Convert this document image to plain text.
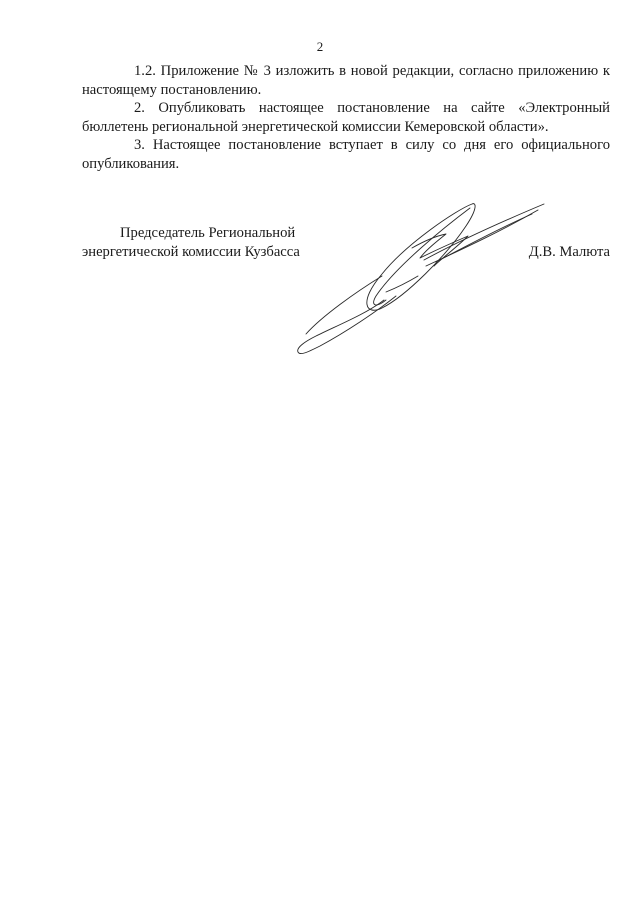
2

1.2. Приложение № 3 изложить в новой редакции, согласно приложению к настоящему постановлению.

2. Опубликовать настоящее постановление на сайте «Электронный бюллетень региональной энергетической комиссии Кемеровской области».

3. Настоящее постановление вступает в силу со дня его официального опубликования.

Председатель Региональной
энергетической комиссии Кузбасса	Д.В. Малюта
